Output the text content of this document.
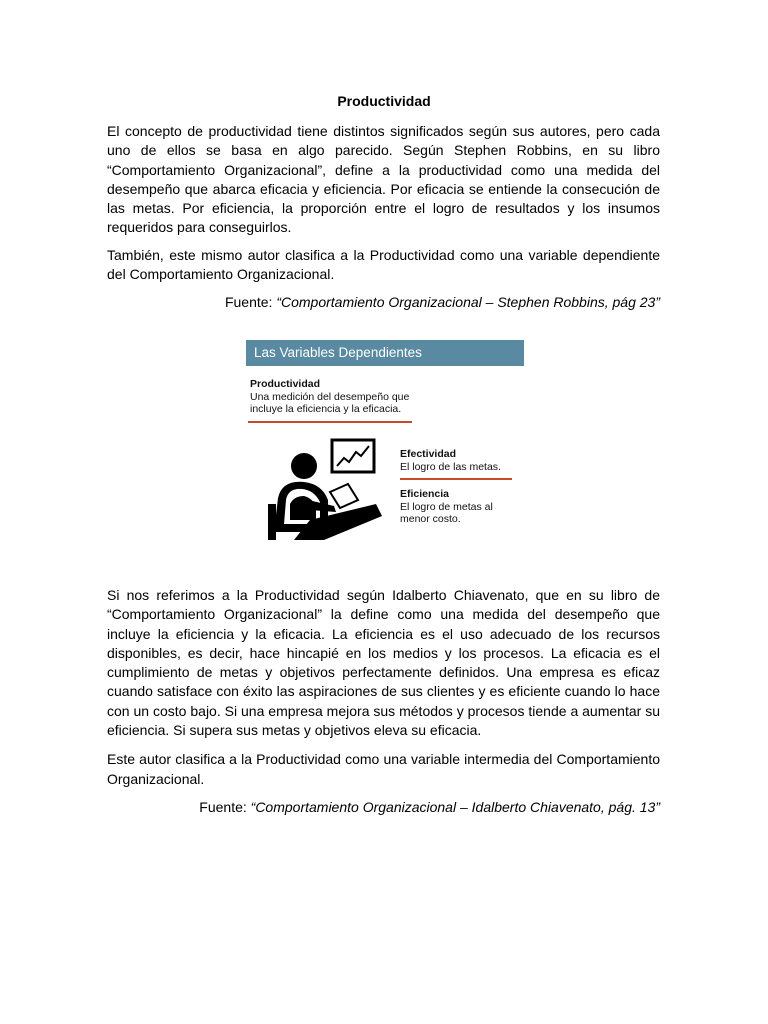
Productividad

El concepto de productividad tiene distintos significados según sus autores, pero cada uno de ellos se basa en algo parecido. Según Stephen Robbins, en su libro “Comportamiento Organizacional”, define a la productividad como una medida del desempeño que abarca eficacia y eficiencia. Por eficacia se entiende la consecución de las metas. Por eficiencia, la proporción entre el logro de resultados y los insumos requeridos para conseguirlos.

También, este mismo autor clasifica a la Productividad como una variable dependiente del Comportamiento Organizacional.

Fuente: “Comportamiento Organizacional – Stephen Robbins, pág 23”
Las Variables Dependientes
Productividad
Una medición del desempeño que
incluye la eficiencia y la eficacia.
Efectividad
El logro de las metas.
Eficiencia
El logro de metas al
menor costo.

Si nos referimos a la Productividad según Idalberto Chiavenato, que en su libro de “Comportamiento Organizacional” la define como una medida del desempeño que incluye la eficiencia y la eficacia. La eficiencia es el uso adecuado de los recursos disponibles, es decir, hace hincapié en los medios y los procesos. La eficacia es el cumplimiento de metas y objetivos perfectamente definidos. Una empresa es eficaz cuando satisface con éxito las aspiraciones de sus clientes y es eficiente cuando lo hace con un costo bajo. Si una empresa mejora sus métodos y procesos tiende a aumentar su eficiencia. Si supera sus metas y objetivos eleva su eficacia.

Este autor clasifica a la Productividad como una variable intermedia del Comportamiento Organizacional.

Fuente: “Comportamiento Organizacional – Idalberto Chiavenato, pág. 13”
